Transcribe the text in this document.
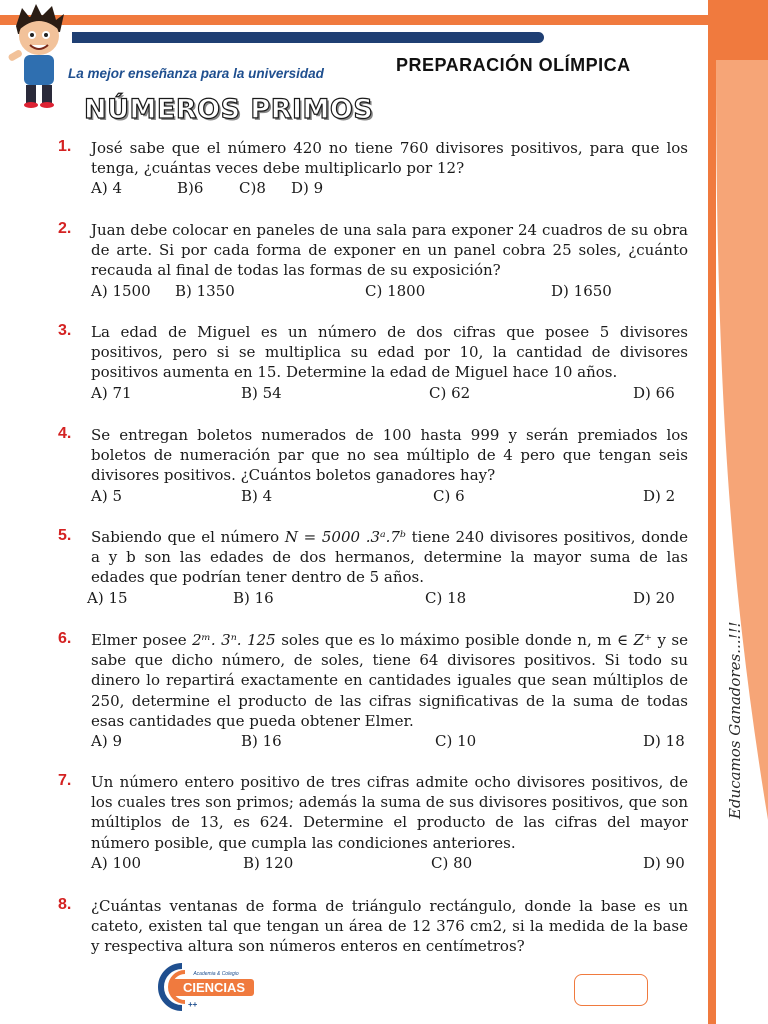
Educamos Ganadores...!!!
La mejor enseñanza para la universidad	PREPARACIÓN OLÍMPICA
NÚMEROS PRIMOS
1.	José sabe que el número 420 no tiene 760 divisores positivos, para que los tenga, ¿cuántas veces debe multiplicarlo por 12?
A) 4	B)6 C)8 D) 9
2.	Juan debe colocar en paneles de una sala para exponer 24 cuadros de su obra de arte. Si por cada forma de exponer en un panel cobra 25 soles, ¿cuánto recauda al final de todas las formas de su exposición?
A) 1500 B) 1350	C) 1800	D) 1650
3.	La edad de Miguel es un número de dos cifras que posee 5 divisores positivos, pero si se multiplica su edad por 10, la cantidad de divisores positivos aumenta en 15. Determine la edad de Miguel hace 10 años.
A) 71	B) 54	C) 62	D) 66
4.	Se entregan boletos numerados de 100 hasta 999 y serán premiados los boletos de numeración par que no sea múltiplo de 4 pero que tengan seis divisores positivos. ¿Cuántos boletos ganadores hay?
A) 5	B) 4	C) 6	D) 2
5.	Sabiendo que el número N = 5000 .3ᵃ.7ᵇ tiene 240 divisores positivos, donde a y b son las edades de dos hermanos, determine la mayor suma de las edades que podrían tener dentro de 5 años.
A) 15	B) 16	C) 18	D) 20
6.	Elmer posee 2ᵐ. 3ⁿ. 125 soles que es lo máximo posible donde n, m ∈ Z⁺ y se sabe que dicho número, de soles, tiene 64 divisores positivos. Si todo su dinero lo repartirá exactamente en cantidades iguales que sean múltiplos de 250, determine el producto de las cifras significativas de la suma de todas esas cantidades que pueda obtener Elmer.
A) 9	B) 16	C) 10	D) 18
7.	Un número entero positivo de tres cifras admite ocho divisores positivos, de los cuales tres son primos; además la suma de sus divisores positivos, que son múltiplos de 13, es 624. Determine el producto de las cifras del mayor número posible, que cumpla las condiciones anteriores.
A) 100	B) 120	C) 80	D) 90
8.	¿Cuántas ventanas de forma de triángulo rectángulo, donde la base es un cateto, existen tal que tengan un área de 12 376 cm2, si la medida de la base y respectiva altura son números enteros en centímetros?
CIENCIAS
Academia & Colegio
++
